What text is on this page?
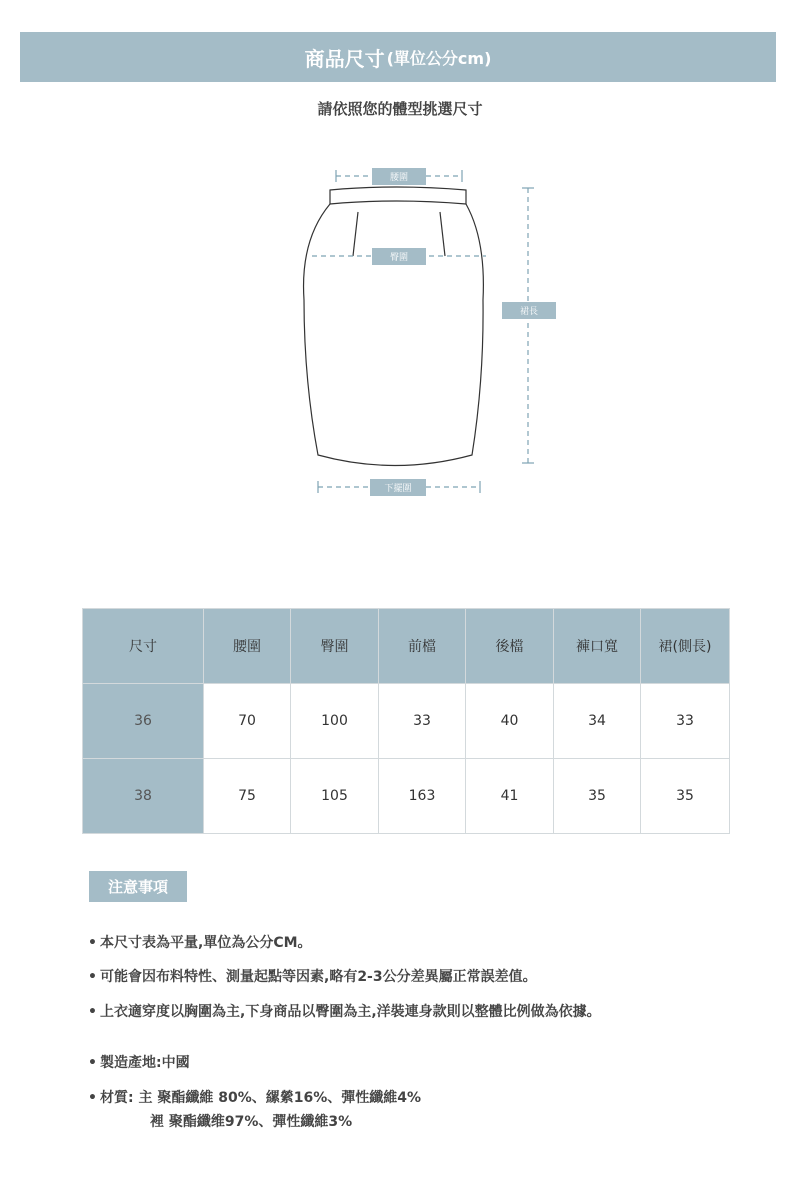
商品尺寸 (單位公分cm)
請依照您的體型挑選尺寸
腰圍
臀圍
裙長
下擺圍
尺寸	腰圍	臀圍	前檔	後檔	褲口寬	裙(側長)
36	70	100	33	40	34	33
38	75	105	163	41	35	35
注意事項
• 本尺寸表為平量,單位為公分CM。
• 可能會因布料特性、測量起點等因素,略有2-3公分差異屬正常誤差值。
• 上衣適穿度以胸圍為主,下身商品以臀圍為主,洋裝連身款則以整體比例做為依據。
• 製造產地:中國
• 材質: 主 聚酯纖維 80%、縲縈16%、彈性纖維4%
裡 聚酯纖维97%、彈性纖維3%
